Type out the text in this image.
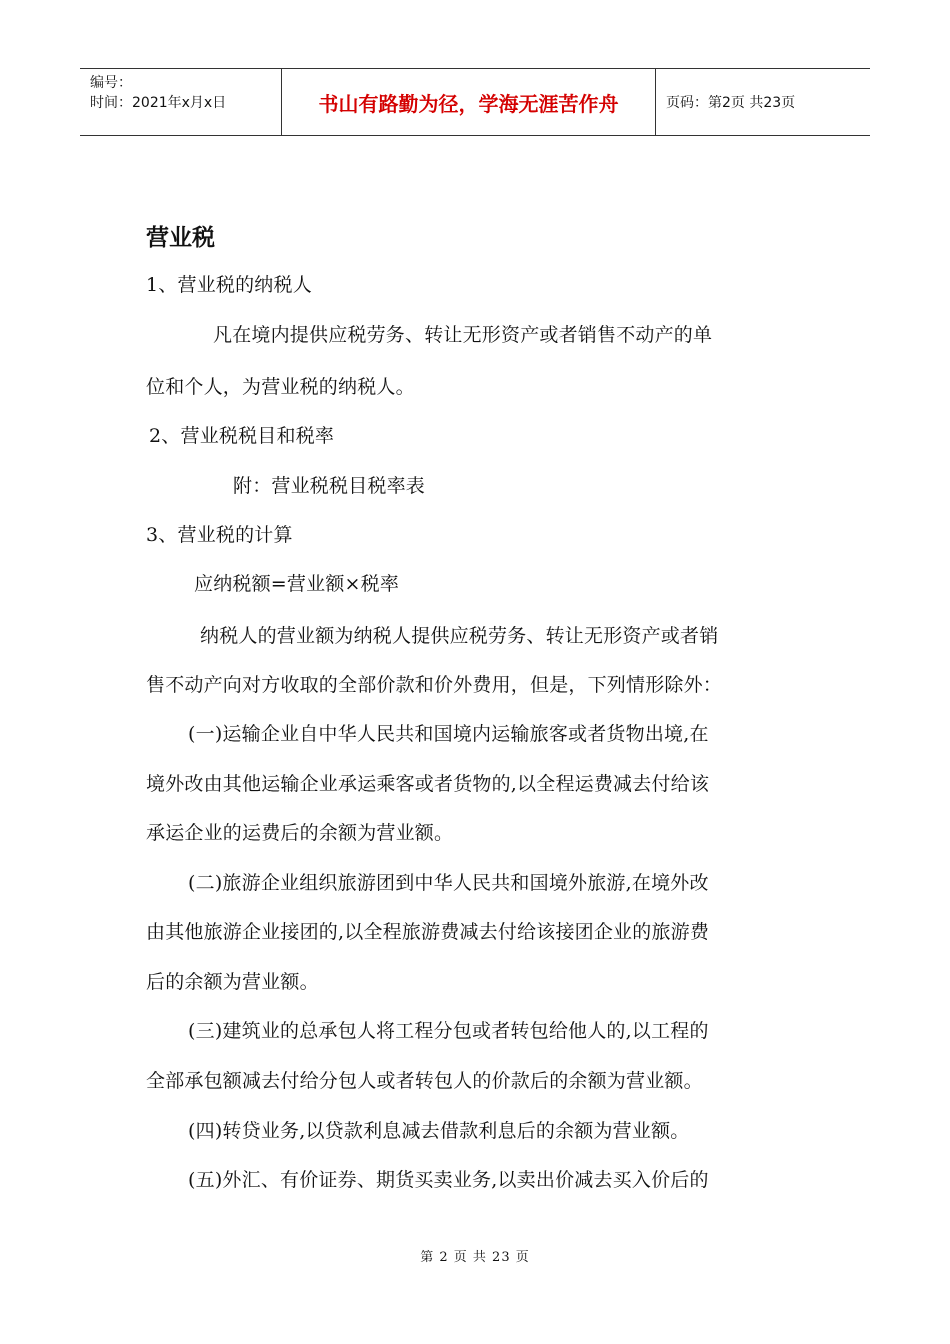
编号：
时间：2021年x月x日	书山有路勤为径，学海无涯苦作舟	页码：第2页 共23页
营业税
1、营业税的纳税人
凡在境内提供应税劳务、转让无形资产或者销售不动产的单
位和个人，为营业税的纳税人。
2、营业税税目和税率
附：营业税税目税率表
3、营业税的计算
应纳税额=营业额×税率
纳税人的营业额为纳税人提供应税劳务、转让无形资产或者销
售不动产向对方收取的全部价款和价外费用，但是，下列情形除外：
(一)运输企业自中华人民共和国境内运输旅客或者货物出境,在
境外改由其他运输企业承运乘客或者货物的,以全程运费减去付给该
承运企业的运费后的余额为营业额。
(二)旅游企业组织旅游团到中华人民共和国境外旅游,在境外改
由其他旅游企业接团的,以全程旅游费减去付给该接团企业的旅游费
后的余额为营业额。
(三)建筑业的总承包人将工程分包或者转包给他人的,以工程的
全部承包额减去付给分包人或者转包人的价款后的余额为营业额。
(四)转贷业务,以贷款利息减去借款利息后的余额为营业额。
(五)外汇、有价证券、期货买卖业务,以卖出价减去买入价后的
第 2 页 共 23 页
